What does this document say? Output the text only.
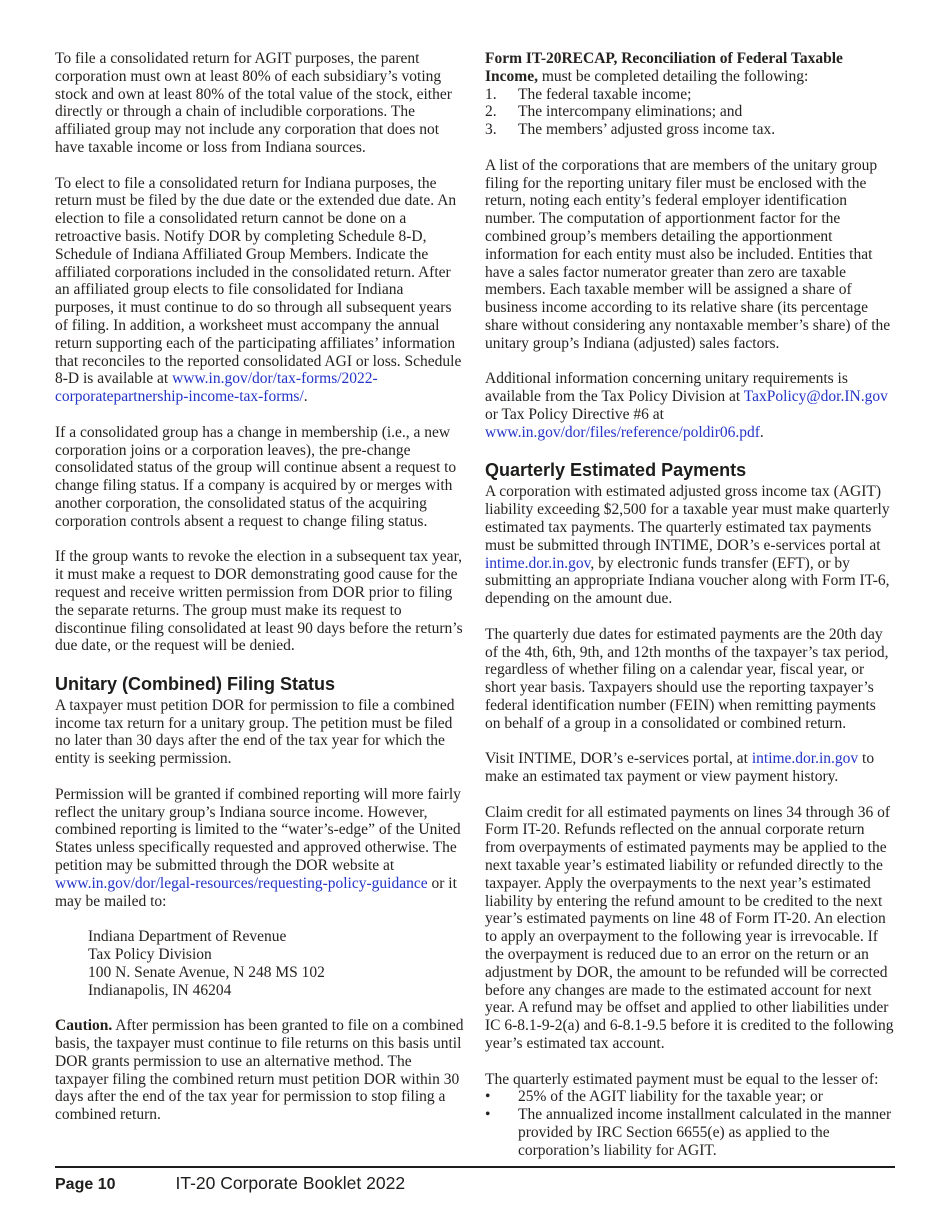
To file a consolidated return for AGIT purposes, the parent corporation must own at least 80% of each subsidiary’s voting stock and own at least 80% of the total value of the stock, either directly or through a chain of includible corporations. The affiliated group may not include any corporation that does not have taxable income or loss from Indiana sources.

To elect to file a consolidated return for Indiana purposes, the return must be filed by the due date or the extended due date. An election to file a consolidated return cannot be done on a retroactive basis. Notify DOR by completing Schedule 8-D, Schedule of Indiana Affiliated Group Members. Indicate the affiliated corporations included in the consolidated return. After an affiliated group elects to file consolidated for Indiana purposes, it must continue to do so through all subsequent years of filing. In addition, a worksheet must accompany the annual return supporting each of the participating affiliates’ information that reconciles to the reported consolidated AGI or loss. Schedule 8-D is available at www.in.gov/dor/tax-forms/2022-corporatepartnership-income-tax-forms/.

If a consolidated group has a change in membership (i.e., a new corporation joins or a corporation leaves), the pre-change consolidated status of the group will continue absent a request to change filing status. If a company is acquired by or merges with another corporation, the consolidated status of the acquiring corporation controls absent a request to change filing status.

If the group wants to revoke the election in a subsequent tax year, it must make a request to DOR demonstrating good cause for the request and receive written permission from DOR prior to filing the separate returns. The group must make its request to discontinue filing consolidated at least 90 days before the return’s due date, or the request will be denied.

Unitary (Combined) Filing Status

A taxpayer must petition DOR for permission to file a combined income tax return for a unitary group. The petition must be filed no later than 30 days after the end of the tax year for which the entity is seeking permission.

Permission will be granted if combined reporting will more fairly reflect the unitary group’s Indiana source income. However, combined reporting is limited to the “water’s-edge” of the United States unless specifically requested and approved otherwise. The petition may be submitted through the DOR website at www.in.gov/dor/legal-resources/requesting-policy-guidance or it may be mailed to:

Indiana Department of Revenue
Tax Policy Division
100 N. Senate Avenue, N 248 MS 102
Indianapolis, IN 46204

Caution. After permission has been granted to file on a combined basis, the taxpayer must continue to file returns on this basis until DOR grants permission to use an alternative method. The taxpayer filing the combined return must petition DOR within 30 days after the end of the tax year for permission to stop filing a combined return.

Form IT-20RECAP, Reconciliation of Federal Taxable Income, must be completed detailing the following:

1.	The federal taxable income;
2.	The intercompany eliminations; and
3.	The members’ adjusted gross income tax.

A list of the corporations that are members of the unitary group filing for the reporting unitary filer must be enclosed with the return, noting each entity’s federal employer identification number. The computation of apportionment factor for the combined group’s members detailing the apportionment information for each entity must also be included. Entities that have a sales factor numerator greater than zero are taxable members. Each taxable member will be assigned a share of business income according to its relative share (its percentage share without considering any nontaxable member’s share) of the unitary group’s Indiana (adjusted) sales factors.

Additional information concerning unitary requirements is available from the Tax Policy Division at TaxPolicy@dor.IN.gov or Tax Policy Directive #6 at www.in.gov/dor/files/reference/poldir06.pdf.

Quarterly Estimated Payments

A corporation with estimated adjusted gross income tax (AGIT) liability exceeding $2,500 for a taxable year must make quarterly estimated tax payments. The quarterly estimated tax payments must be submitted through INTIME, DOR’s e-services portal at intime.dor.in.gov, by electronic funds transfer (EFT), or by submitting an appropriate Indiana voucher along with Form IT-6, depending on the amount due.

The quarterly due dates for estimated payments are the 20th day of the 4th, 6th, 9th, and 12th months of the taxpayer’s tax period, regardless of whether filing on a calendar year, fiscal year, or short year basis. Taxpayers should use the reporting taxpayer’s federal identification number (FEIN) when remitting payments on behalf of a group in a consolidated or combined return.

Visit INTIME, DOR’s e-services portal, at intime.dor.in.gov to make an estimated tax payment or view payment history.

Claim credit for all estimated payments on lines 34 through 36 of Form IT-20. Refunds reflected on the annual corporate return from overpayments of estimated payments may be applied to the next taxable year’s estimated liability or refunded directly to the taxpayer. Apply the overpayments to the next year’s estimated liability by entering the refund amount to be credited to the next year’s estimated payments on line 48 of Form IT-20. An election to apply an overpayment to the following year is irrevocable. If the overpayment is reduced due to an error on the return or an adjustment by DOR, the amount to be refunded will be corrected before any changes are made to the estimated account for next year. A refund may be offset and applied to other liabilities under IC 6-8.1-9-2(a) and 6-8.1-9.5 before it is credited to the following year’s estimated tax account.

The quarterly estimated payment must be equal to the lesser of:

•	25% of the AGIT liability for the taxable year; or
•	The annualized income installment calculated in the manner provided by IRC Section 6655(e) as applied to the corporation’s liability for AGIT.
Page 10	IT-20 Corporate Booklet 2022
